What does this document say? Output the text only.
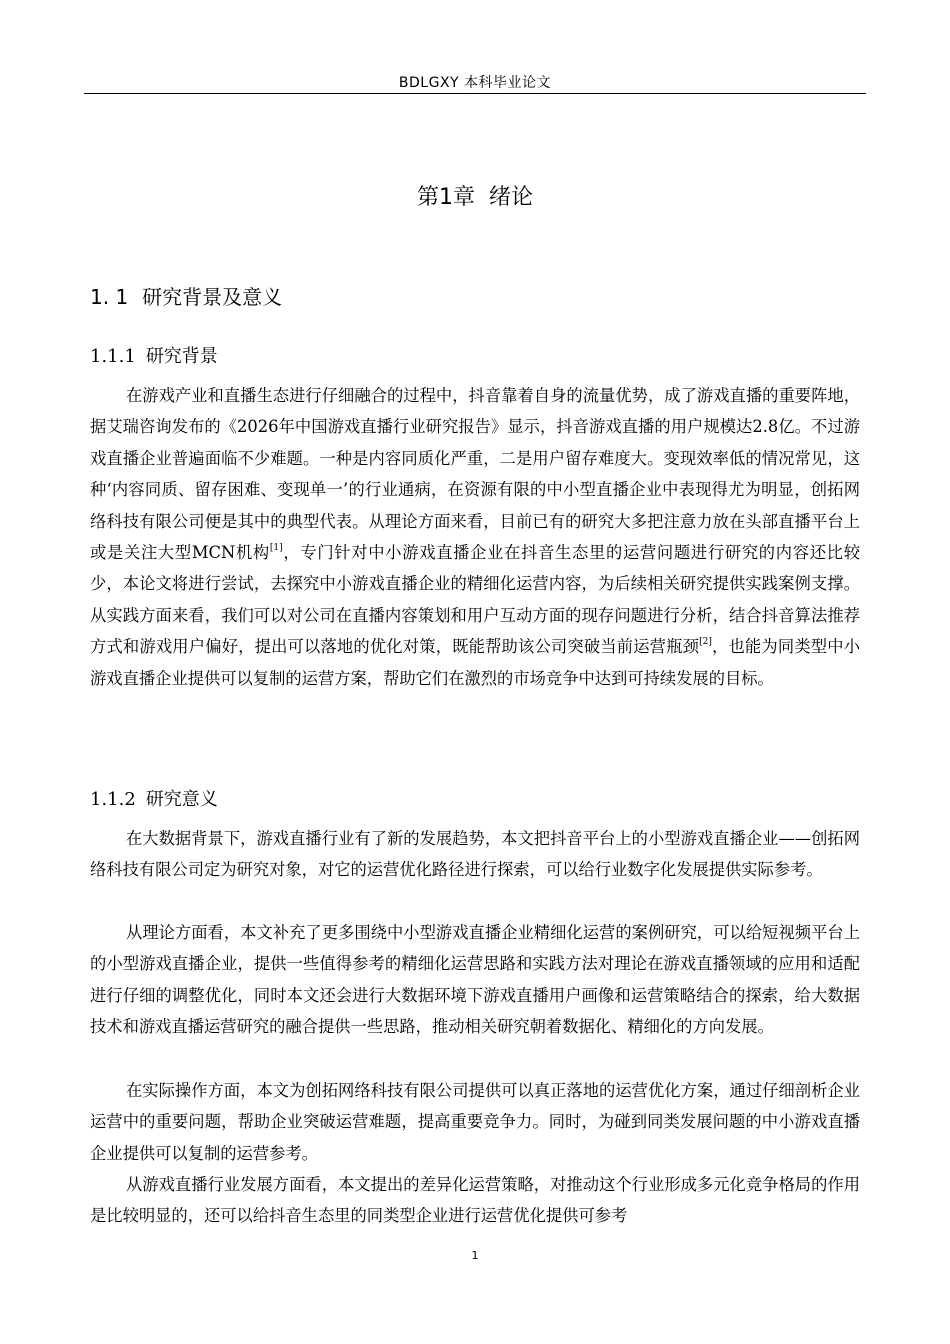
BDLGXY 本科毕业论文
第1章 绪论
1. 1 研究背景及意义
1.1.1 研究背景

在游戏产业和直播生态进行仔细融合的过程中，抖音靠着自身的流量优势，成了游戏直播的重要阵地，据艾瑞咨询发布的《2026年中国游戏直播行业研究报告》显示，抖音游戏直播的用户规模达2.8亿。不过游戏直播企业普遍面临不少难题。一种是内容同质化严重，二是用户留存难度大。变现效率低的情况常见，这种‘内容同质、留存困难、变现单一’的行业通病，在资源有限的中小型直播企业中表现得尤为明显，创拓网络科技有限公司便是其中的典型代表。从理论方面来看，目前已有的研究大多把注意力放在头部直播平台上或是关注大型MCN机构[1]，专门针对中小游戏直播企业在抖音生态里的运营问题进行研究的内容还比较少，本论文将进行尝试，去探究中小游戏直播企业的精细化运营内容，为后续相关研究提供实践案例支撑。从实践方面来看，我们可以对公司在直播内容策划和用户互动方面的现存问题进行分析，结合抖音算法推荐方式和游戏用户偏好，提出可以落地的优化对策，既能帮助该公司突破当前运营瓶颈[2]，也能为同类型中小游戏直播企业提供可以复制的运营方案，帮助它们在激烈的市场竞争中达到可持续发展的目标。

1.1.2 研究意义

在大数据背景下，游戏直播行业有了新的发展趋势，本文把抖音平台上的小型游戏直播企业——创拓网络科技有限公司定为研究对象，对它的运营优化路径进行探索，可以给行业数字化发展提供实际参考。

从理论方面看，本文补充了更多围绕中小型游戏直播企业精细化运营的案例研究，可以给短视频平台上的小型游戏直播企业，提供一些值得参考的精细化运营思路和实践方法对理论在游戏直播领域的应用和适配进行仔细的调整优化，同时本文还会进行大数据环境下游戏直播用户画像和运营策略结合的探索，给大数据技术和游戏直播运营研究的融合提供一些思路，推动相关研究朝着数据化、精细化的方向发展。

在实际操作方面，本文为创拓网络科技有限公司提供可以真正落地的运营优化方案，通过仔细剖析企业运营中的重要问题，帮助企业突破运营难题，提高重要竞争力。同时，为碰到同类发展问题的中小游戏直播企业提供可以复制的运营参考。

从游戏直播行业发展方面看，本文提出的差异化运营策略，对推动这个行业形成多元化竞争格局的作用是比较明显的，还可以给抖音生态里的同类型企业进行运营优化提供可参考

1
